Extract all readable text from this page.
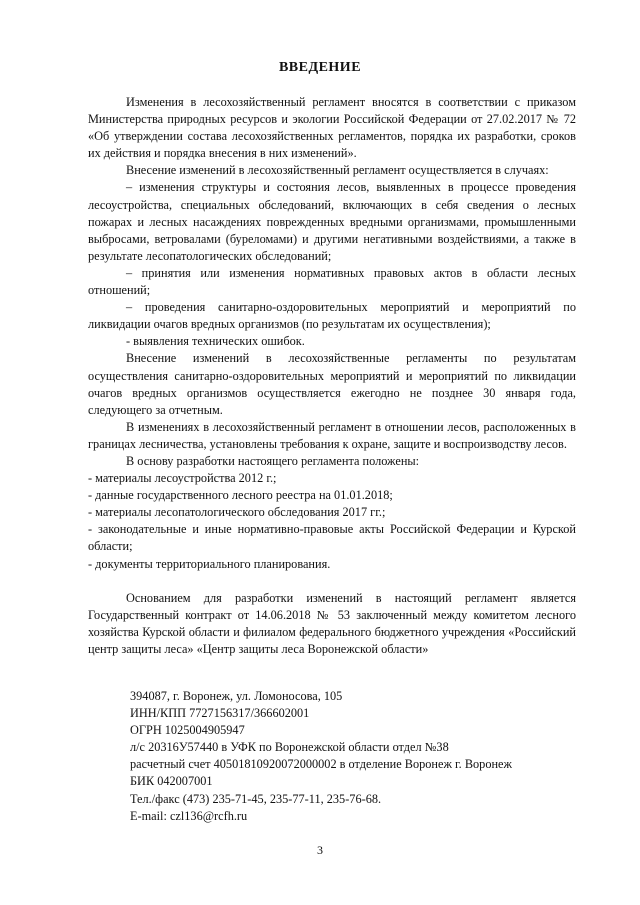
ВВЕДЕНИЕ

Изменения в лесохозяйственный регламент вносятся в соответствии с приказом Министерства природных ресурсов и экологии Российской Федерации от 27.02.2017 № 72 «Об утверждении состава лесохозяйственных регламентов, порядка их разработки, сроков их действия и порядка внесения в них изменений».

Внесение изменений в лесохозяйственный регламент осуществляется в случаях:

– изменения структуры и состояния лесов, выявленных в процессе проведения лесоустройства, специальных обследований, включающих в себя сведения о лесных пожарах и лесных насаждениях поврежденных вредными организмами, промышленными выбросами, ветровалами (буреломами) и другими негативными воздействиями, а также в результате лесопатологических обследований;

– принятия или изменения нормативных правовых актов в области лесных отношений;

– проведения санитарно-оздоровительных мероприятий и мероприятий по ликвидации очагов вредных организмов (по результатам их осуществления);

- выявления технических ошибок.

Внесение изменений в лесохозяйственные регламенты по результатам осуществления санитарно-оздоровительных мероприятий и мероприятий по ликвидации очагов вредных организмов осуществляется ежегодно не позднее 30 января года, следующего за отчетным.

В изменениях в лесохозяйственный регламент в отношении лесов, расположенных в границах лесничества, установлены требования к охране, защите и воспроизводству лесов.

В основу разработки настоящего регламента положены:

- материалы лесоустройства 2012 г.;

- данные государственного лесного реестра на 01.01.2018;

- материалы лесопатологического обследования 2017 гг.;

- законодательные и иные нормативно-правовые акты Российской Федерации и Курской области;

- документы территориального планирования.

Основанием для разработки изменений в настоящий регламент является Государственный контракт от 14.06.2018 № 53 заключенный между комитетом лесного хозяйства Курской области и филиалом федерального бюджетного учреждения «Российский центр защиты леса» «Центр защиты леса Воронежской области»

394087, г. Воронеж, ул. Ломоносова, 105
ИНН/КПП 7727156317/366602001
ОГРН 1025004905947
л/с 20316У57440 в УФК по Воронежской области отдел №38
расчетный счет 40501810920072000002 в отделение Воронеж г. Воронеж
БИК 042007001
Тел./факс (473) 235-71-45, 235-77-11, 235-76-68.
E-mail: czl136@rcfh.ru
3
